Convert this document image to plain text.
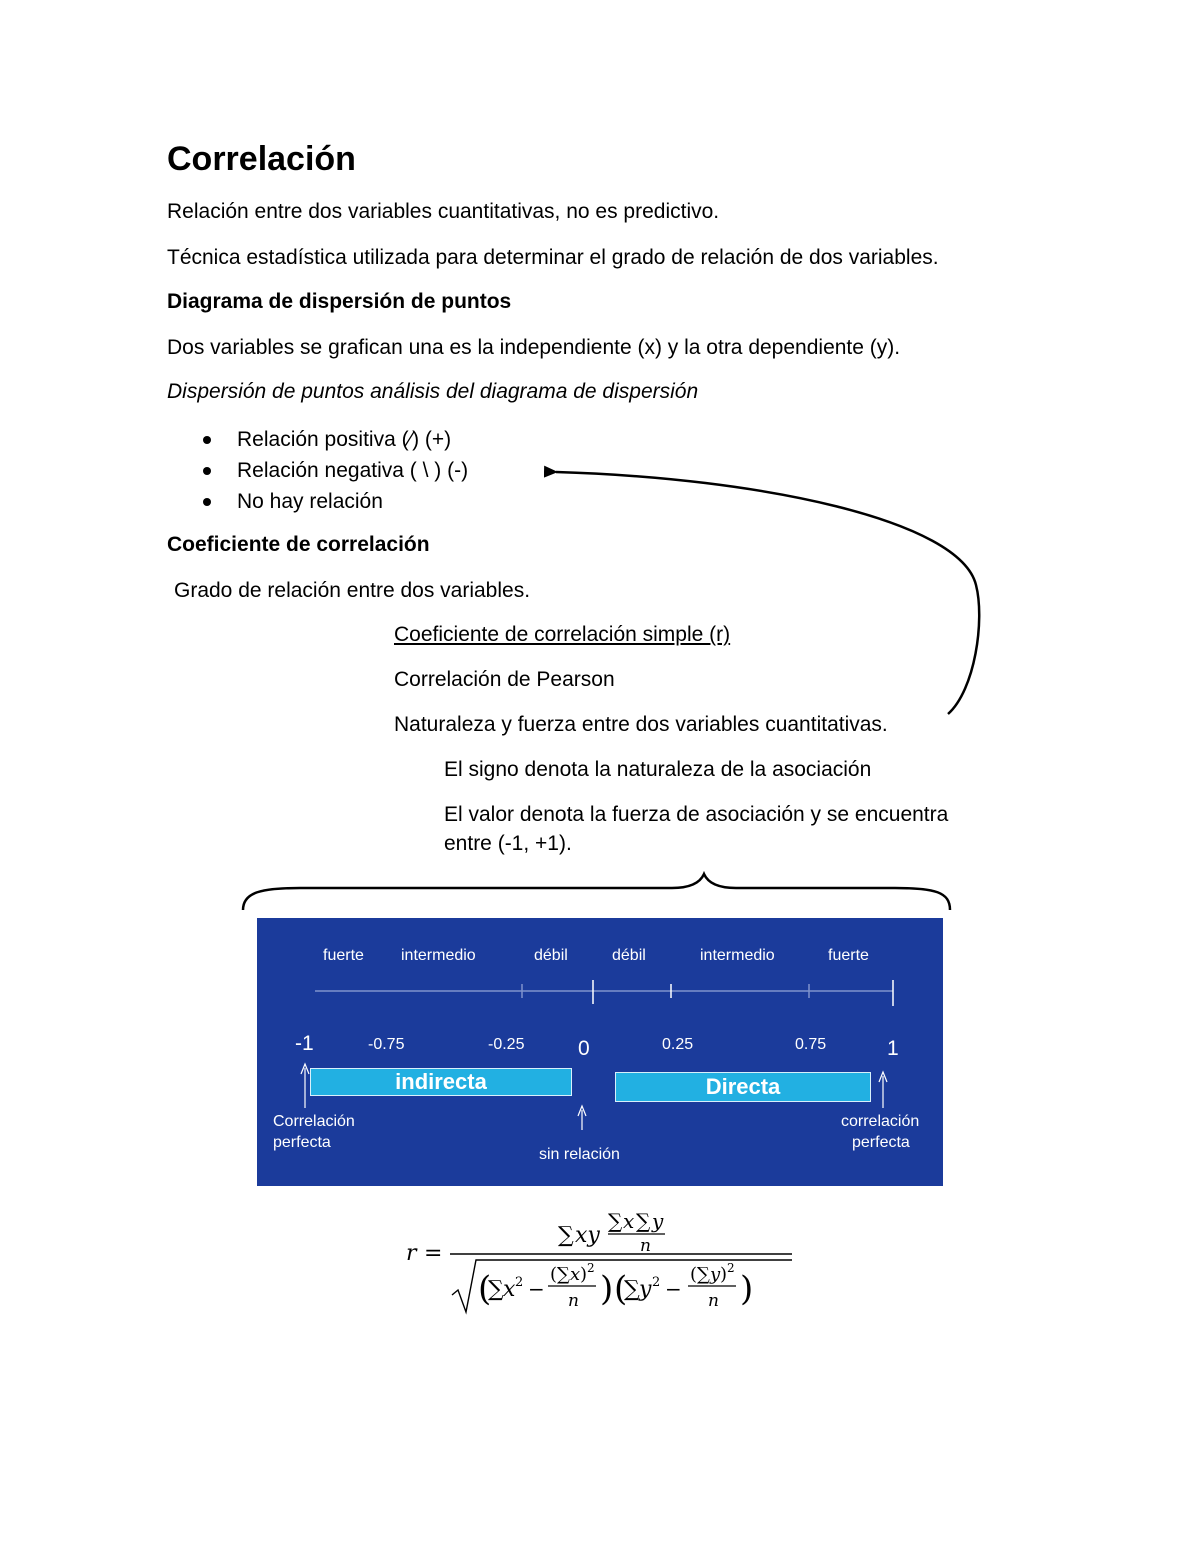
Correlación
Relación entre dos variables cuantitativas, no es predictivo.
Técnica estadística utilizada para determinar el grado de relación de dos variables.
Diagrama de dispersión de puntos
Dos variables se grafican una es la independiente (x) y la otra dependiente (y).
Dispersión de puntos análisis del diagrama de dispersión
Relación positiva (⁄) (+)
Relación negativa ( \ ) (-)
No hay relación
Coeficiente de correlación
Grado de relación entre dos variables.
Coeficiente de correlación simple (r)
Correlación de Pearson
Naturaleza y fuerza entre dos variables cuantitativas.
El signo denota la naturaleza de la asociación
El valor denota la fuerza de asociación y se encuentra
entre (-1, +1).
fuerte intermedio	débil	débil	intermedio	fuerte
-1	-0.75	-0.25	0	0.25	0.75	1
indirecta	Directa
Correlación
perfecta
sin relación
correlación
perfecta
r =
∑ xy
∑ x ∑ y
n
(
∑ x 2 −
(∑ x ) 2
n ) (
∑ y 2 −
(∑ y ) 2
n )
